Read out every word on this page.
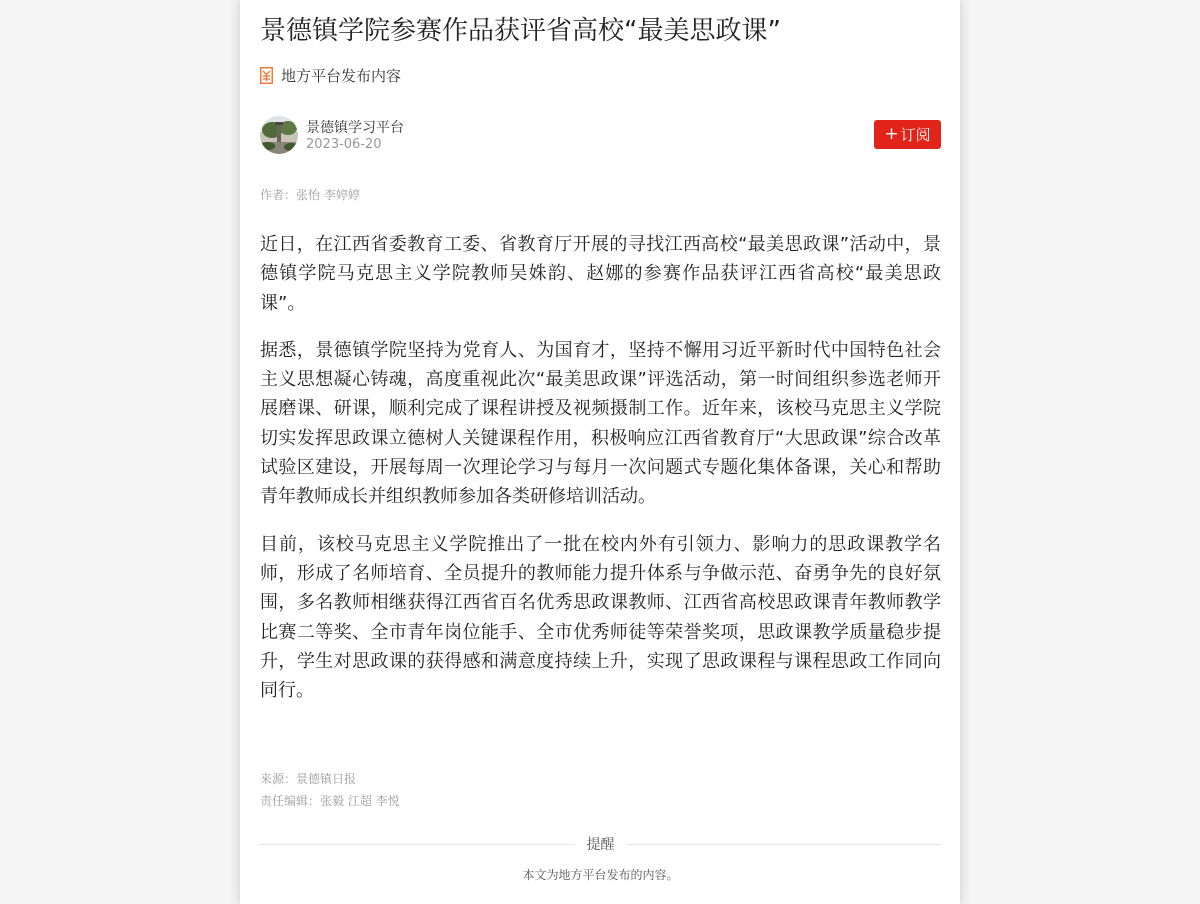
景德镇学院参赛作品获评省高校“最美思政课”
地方平台发布内容
景德镇学习平台
2023-06-20
+ 订阅
作者：张怡 李婷婷

近日，在江西省委教育工委、省教育厅开展的寻找江西高校“最美思政课”活动中，景德镇学院马克思主义学院教师吴姝韵、赵娜的参赛作品获评江西省高校“最美思政课”。

据悉，景德镇学院坚持为党育人、为国育才，坚持不懈用习近平新时代中国特色社会主义思想凝心铸魂，高度重视此次“最美思政课”评选活动，第一时间组织参选老师开展磨课、研课，顺利完成了课程讲授及视频摄制工作。近年来，该校马克思主义学院切实发挥思政课立德树人关键课程作用，积极响应江西省教育厅“大思政课”综合改革试验区建设，开展每周一次理论学习与每月一次问题式专题化集体备课，关心和帮助青年教师成长并组织教师参加各类研修培训活动。

目前，该校马克思主义学院推出了一批在校内外有引领力、影响力的思政课教学名师，形成了名师培育、全员提升的教师能力提升体系与争做示范、奋勇争先的良好氛围，多名教师相继获得江西省百名优秀思政课教师、江西省高校思政课青年教师教学比赛二等奖、全市青年岗位能手、全市优秀师徒等荣誉奖项，思政课教学质量稳步提升，学生对思政课的获得感和满意度持续上升，实现了思政课程与课程思政工作同向同行。

来源：景德镇日报
责任编辑：张毅 江超 李悦
提醒
本文为地方平台发布的内容。
